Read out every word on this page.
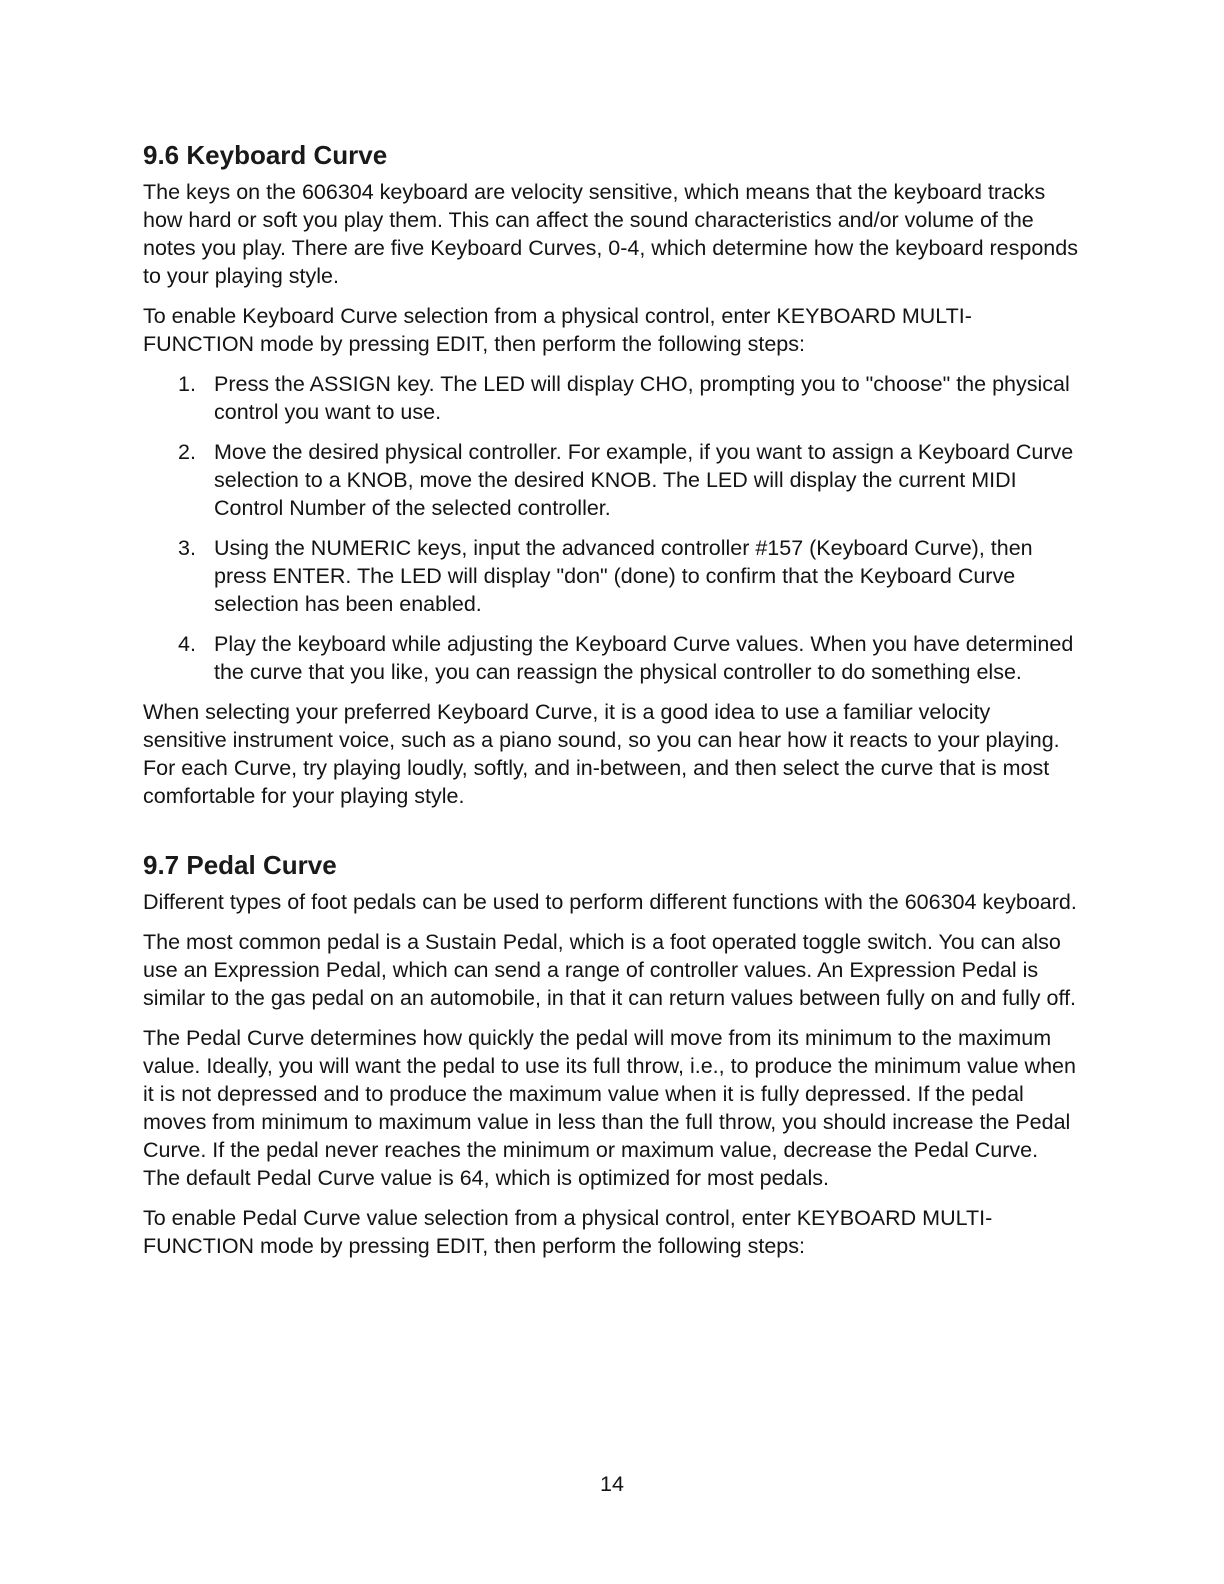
9.6 Keyboard Curve

The keys on the 606304 keyboard are velocity sensitive, which means that the keyboard tracks how hard or soft you play them. This can affect the sound characteristics and/or volume of the notes you play. There are five Keyboard Curves, 0-4, which determine how the keyboard responds to your playing style.

To enable Keyboard Curve selection from a physical control, enter KEYBOARD MULTI-FUNCTION mode by pressing EDIT, then perform the following steps:

1. Press the ASSIGN key. The LED will display CHO, prompting you to "choose" the physical control you want to use.
2. Move the desired physical controller. For example, if you want to assign a Keyboard Curve selection to a KNOB, move the desired KNOB. The LED will display the current MIDI Control Number of the selected controller.
3. Using the NUMERIC keys, input the advanced controller #157 (Keyboard Curve), then press ENTER. The LED will display "don" (done) to confirm that the Keyboard Curve selection has been enabled.
4. Play the keyboard while adjusting the Keyboard Curve values. When you have determined the curve that you like, you can reassign the physical controller to do something else.

When selecting your preferred Keyboard Curve, it is a good idea to use a familiar velocity sensitive instrument voice, such as a piano sound, so you can hear how it reacts to your playing. For each Curve, try playing loudly, softly, and in-between, and then select the curve that is most comfortable for your playing style.

9.7 Pedal Curve

Different types of foot pedals can be used to perform different functions with the 606304 keyboard.

The most common pedal is a Sustain Pedal, which is a foot operated toggle switch. You can also use an Expression Pedal, which can send a range of controller values. An Expression Pedal is similar to the gas pedal on an automobile, in that it can return values between fully on and fully off.

The Pedal Curve determines how quickly the pedal will move from its minimum to the maximum value. Ideally, you will want the pedal to use its full throw, i.e., to produce the minimum value when it is not depressed and to produce the maximum value when it is fully depressed. If the pedal moves from minimum to maximum value in less than the full throw, you should increase the Pedal Curve. If the pedal never reaches the minimum or maximum value, decrease the Pedal Curve. The default Pedal Curve value is 64, which is optimized for most pedals.

To enable Pedal Curve value selection from a physical control, enter KEYBOARD MULTI-FUNCTION mode by pressing EDIT, then perform the following steps:

14
